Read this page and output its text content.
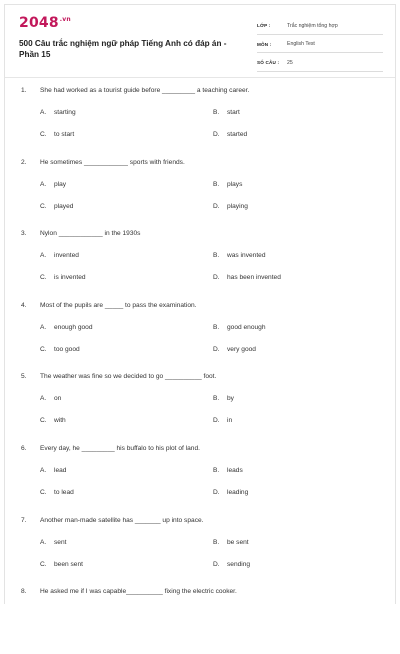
$2048^{.vn}$
500 Câu trắc nghiệm ngữ pháp Tiếng Anh có đáp án - Phần 15
LỚP :	Trắc nghiệm tổng hợp
MÔN :	English Test
SỐ CÂU :	25
1. She had worked as a tourist guide before _________ a teaching career.
A. starting	B. start
C. to start	D. started
2. He sometimes ____________ sports with friends.
A. play	B. plays
C. played	D. playing
3. Nylon ____________ in the 1930s
A. invented	B. was invented
C. is invented	D. has been invented
4. Most of the pupils are _____ to pass the examination.
A. enough good	B. good enough
C. too good	D. very good
5. The weather was fine so we decided to go __________ foot.
A. on	B. by
C. with	D. in
6. Every day, he _________ his buffalo to his plot of land.
A. lead	B. leads
C. to lead	D. leading
7. Another man-made satellite has _______ up into space.
A. sent	B. be sent
C. been sent	D. sending
8. He asked me if I was capable__________ fixing the electric cooker.
